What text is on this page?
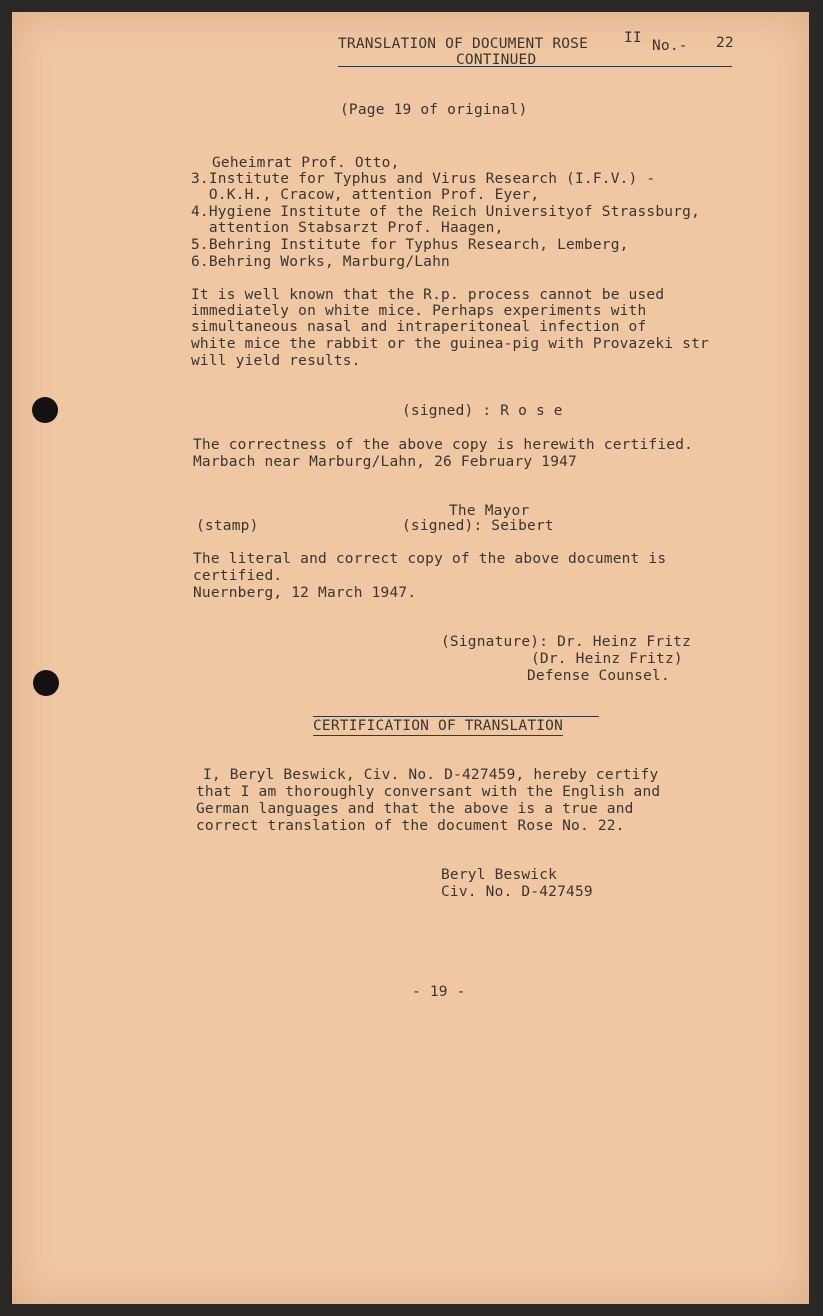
TRANSLATION OF DOCUMENT ROSE II No.- 22
CONTINUED
(Page 19 of original)
Geheimrat Prof. Otto,
3.Institute for Typhus and Virus Research (I.F.V.) -
O.K.H., Cracow, attention Prof. Eyer,
4.Hygiene Institute of the Reich Universityof Strassburg,
attention Stabsarzt Prof. Haagen,
5.Behring Institute for Typhus Research, Lemberg,
6.Behring Works, Marburg/Lahn
It is well known that the R.p. process cannot be used
immediately on white mice. Perhaps experiments with
simultaneous nasal and intraperitoneal infection of
white mice the rabbit or the guinea-pig with Provazeki str
will yield results.
(signed) : R o s e
The correctness of the above copy is herewith certified.
Marbach near Marburg/Lahn, 26 February 1947
The Mayor
(stamp)	(signed): Seibert
The literal and correct copy of the above document is
certified.
Nuernberg, 12 March 1947.
(Signature): Dr. Heinz Fritz
(Dr. Heinz Fritz)
Defense Counsel.
CERTIFICATION OF TRANSLATION
I, Beryl Beswick, Civ. No. D-427459, hereby certify
that I am thoroughly conversant with the English and
German languages and that the above is a true and
correct translation of the document Rose No. 22.
Beryl Beswick
Civ. No. D-427459
- 19 -
